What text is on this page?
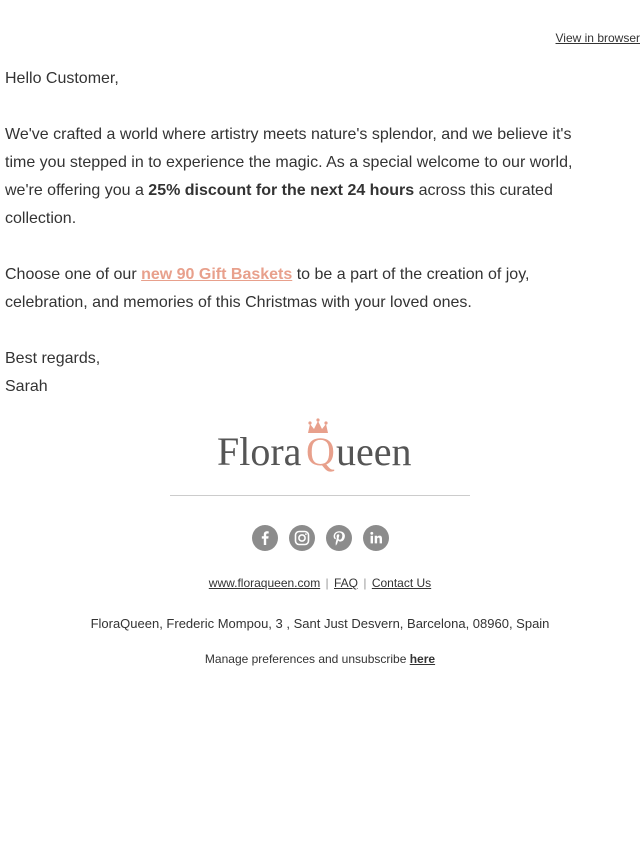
View in browser

Hello Customer,

We've crafted a world where artistry meets nature's splendor, and we believe it's time you stepped in to experience the magic. As a special welcome to our world, we're offering you a 25% discount for the next 24 hours across this curated collection.

Choose one of our new 90 Gift Baskets to be a part of the creation of joy, celebration, and memories of this Christmas with your loved ones.

Best regards,

Sarah

Flora Q ueen
www.floraqueen.com | FAQ | Contact Us
FloraQueen, Frederic Mompou, 3 , Sant Just Desvern, Barcelona, 08960, Spain
Manage preferences and unsubscribe here
